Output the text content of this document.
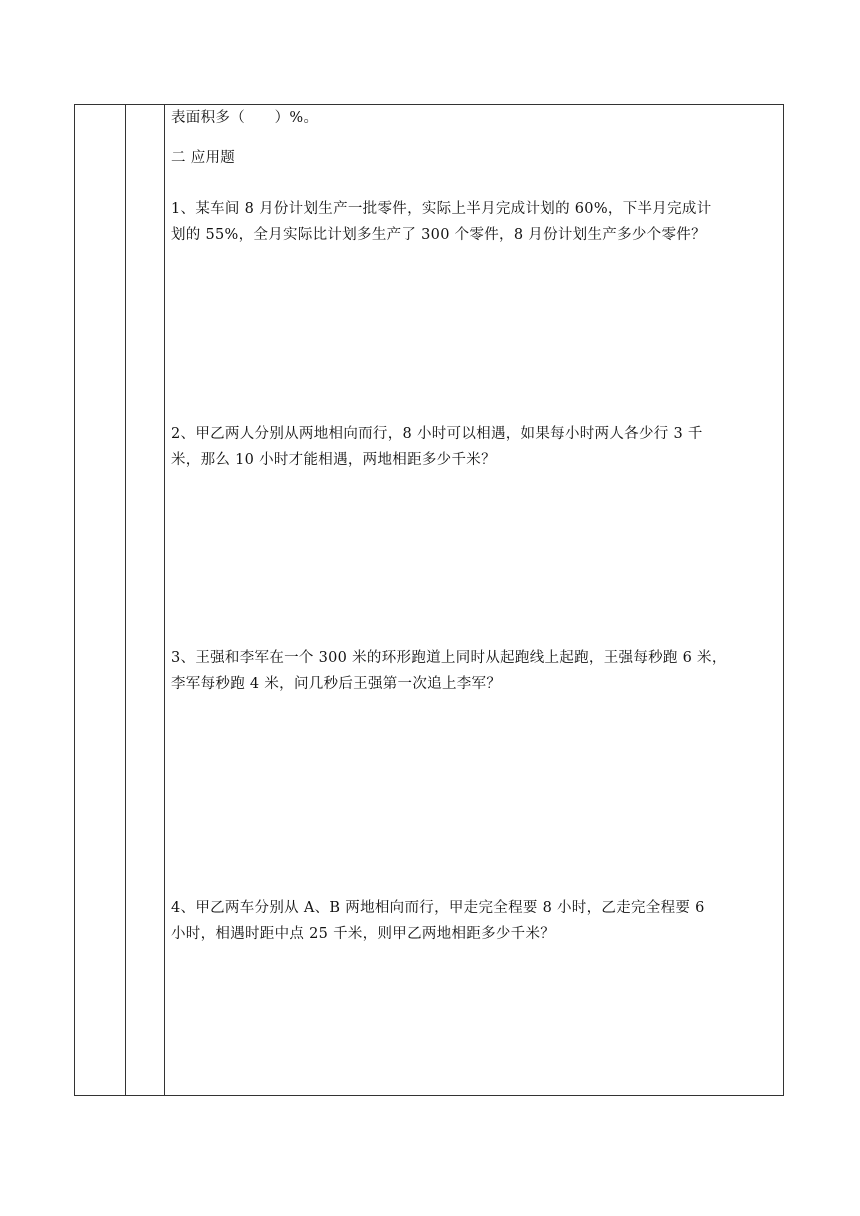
表面积多（　　）%。
二 应用题
1、某车间 8 月份计划生产一批零件，实际上半月完成计划的 60%，下半月完成计
划的 55%，全月实际比计划多生产了 300 个零件，8 月份计划生产多少个零件？
2、甲乙两人分别从两地相向而行，8 小时可以相遇，如果每小时两人各少行 3 千
米，那么 10 小时才能相遇，两地相距多少千米？
3、王强和李军在一个 300 米的环形跑道上同时从起跑线上起跑，王强每秒跑 6 米，
李军每秒跑 4 米，问几秒后王强第一次追上李军？
4、甲乙两车分别从 A、B 两地相向而行，甲走完全程要 8 小时，乙走完全程要 6
小时，相遇时距中点 25 千米，则甲乙两地相距多少千米？
